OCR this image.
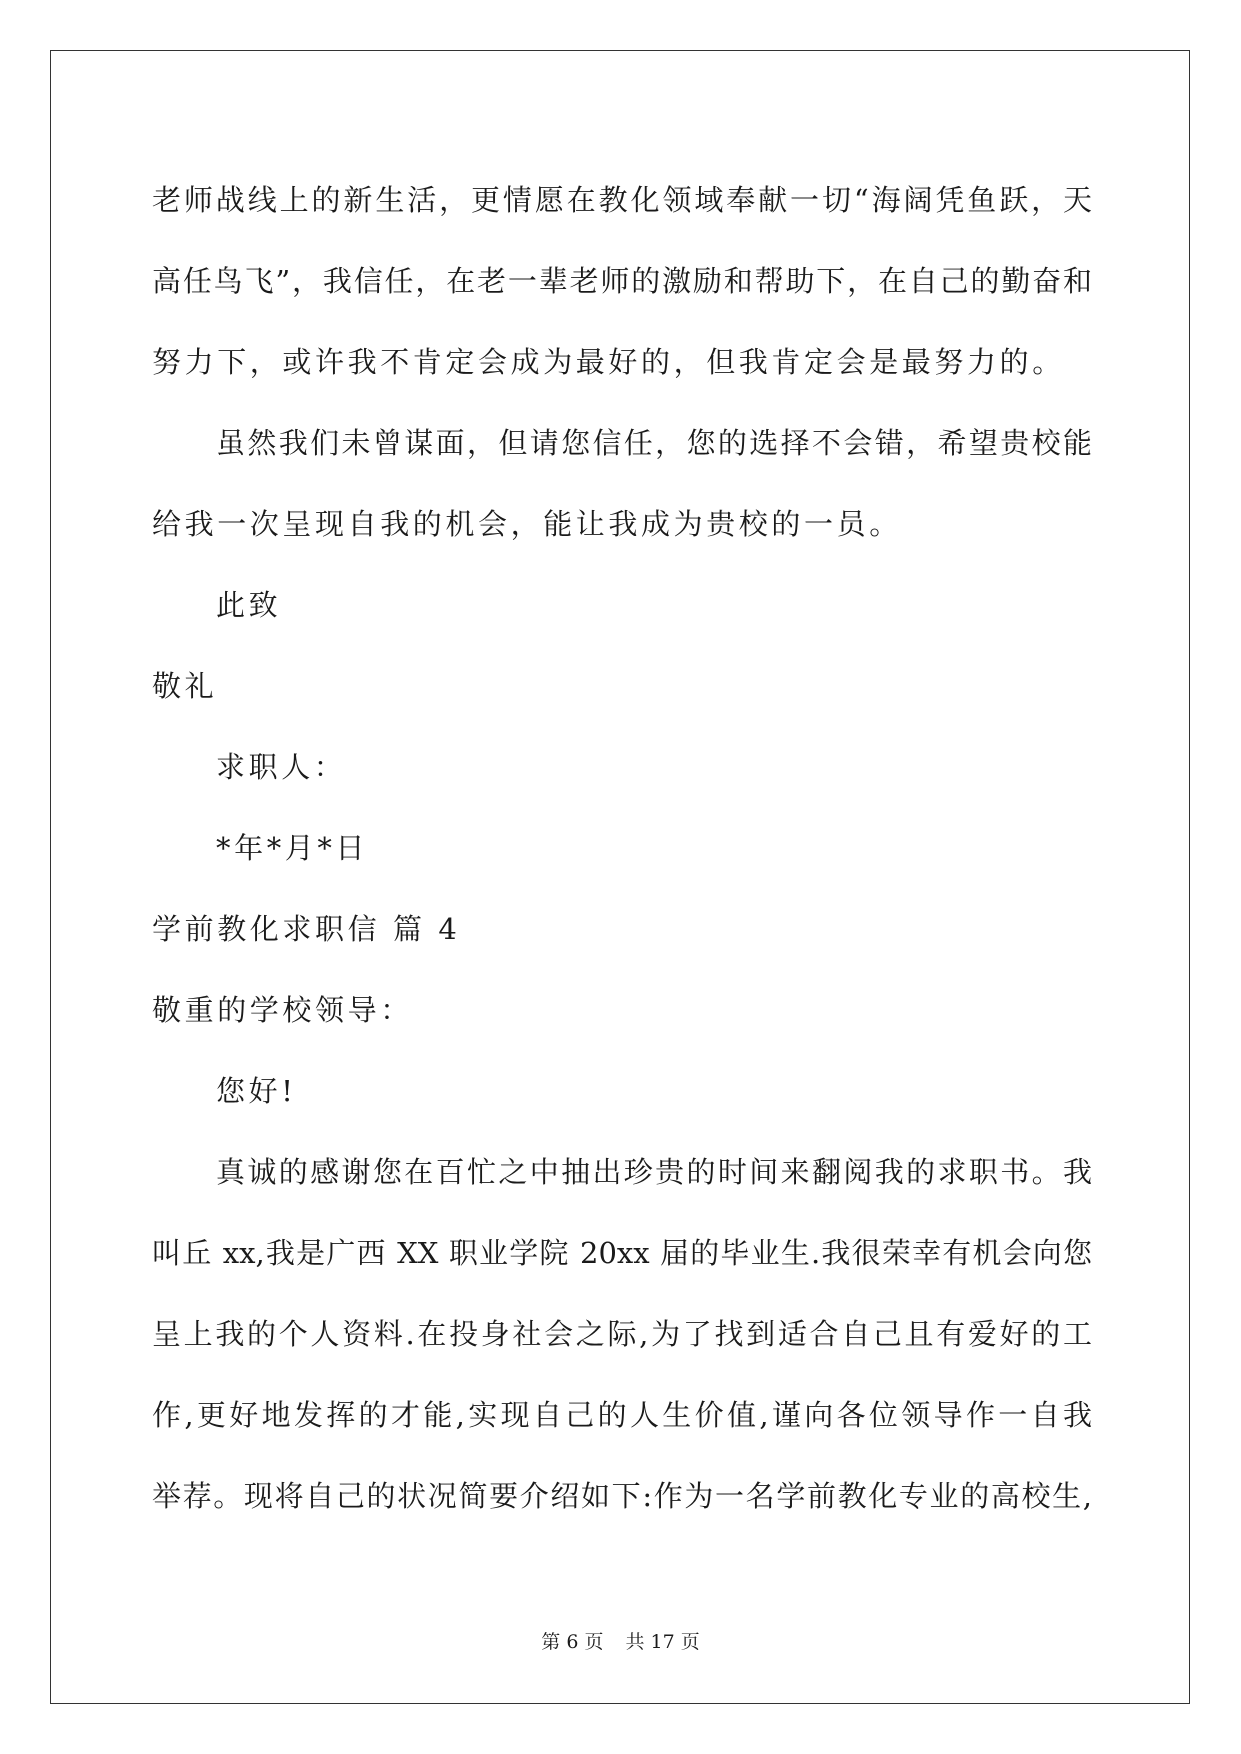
老师战线上的新生活，更情愿在教化领域奉献一切“海阔凭鱼跃，天
高任鸟飞”，我信任，在老一辈老师的激励和帮助下，在自己的勤奋和
努力下，或许我不肯定会成为最好的，但我肯定会是最努力的。
虽然我们未曾谋面，但请您信任，您的选择不会错，希望贵校能
给我一次呈现自我的机会，能让我成为贵校的一员。
此致
敬礼
求职人：
*年*月*日
学前教化求职信 篇 4
敬重的学校领导：
您好!
真诚的感谢您在百忙之中抽出珍贵的时间来翻阅我的求职书。我
叫丘 xx,我是广西 XX 职业学院 20xx 届的毕业生.我很荣幸有机会向您
呈上我的个人资料.在投身社会之际,为了找到适合自己且有爱好的工
作,更好地发挥的才能,实现自己的人生价值,谨向各位领导作一自我
举荐。现将自己的状况简要介绍如下:作为一名学前教化专业的高校生,
第 6 页 共 17 页
